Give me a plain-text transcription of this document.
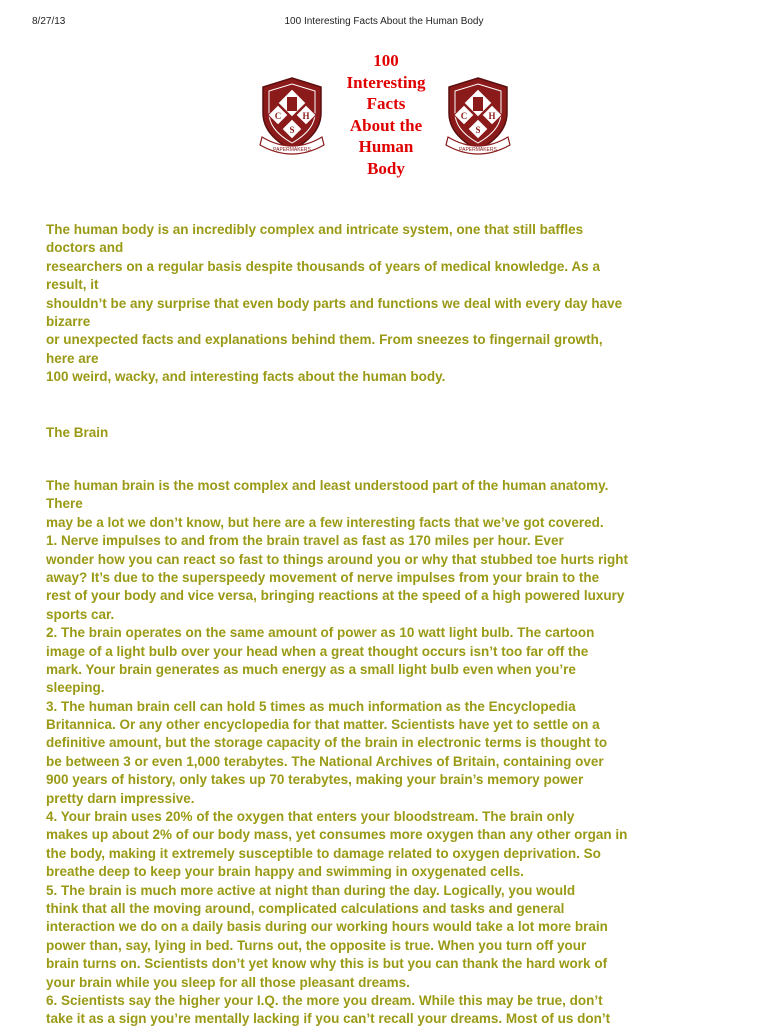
8/27/13	100 Interesting Facts About the Human Body
C H
S
PAPERMAKERS
100
Interesting
Facts
About the
Human
Body
C H
S
PAPERMAKERS
The human body is an incredibly complex and intricate system, one that still baffles
doctors and
researchers on a regular basis despite thousands of years of medical knowledge. As a
result, it
shouldn’t be any surprise that even body parts and functions we deal with every day have
bizarre
or unexpected facts and explanations behind them. From sneezes to fingernail growth,
here are
100 weird, wacky, and interesting facts about the human body.
The Brain
The human brain is the most complex and least understood part of the human anatomy.
There
may be a lot we don’t know, but here are a few interesting facts that we’ve got covered.
1. Nerve impulses to and from the brain travel as fast as 170 miles per hour. Ever
wonder how you can react so fast to things around you or why that stubbed toe hurts right
away? It’s due to the superspeedy movement of nerve impulses from your brain to the
rest of your body and vice versa, bringing reactions at the speed of a high powered luxury
sports car.
2. The brain operates on the same amount of power as 10 watt light bulb. The cartoon
image of a light bulb over your head when a great thought occurs isn’t too far off the
mark. Your brain generates as much energy as a small light bulb even when you’re
sleeping.
3. The human brain cell can hold 5 times as much information as the Encyclopedia
Britannica. Or any other encyclopedia for that matter. Scientists have yet to settle on a
definitive amount, but the storage capacity of the brain in electronic terms is thought to
be between 3 or even 1,000 terabytes. The National Archives of Britain, containing over
900 years of history, only takes up 70 terabytes, making your brain’s memory power
pretty darn impressive.
4. Your brain uses 20% of the oxygen that enters your bloodstream. The brain only
makes up about 2% of our body mass, yet consumes more oxygen than any other organ in
the body, making it extremely susceptible to damage related to oxygen deprivation. So
breathe deep to keep your brain happy and swimming in oxygenated cells.
5. The brain is much more active at night than during the day. Logically, you would
think that all the moving around, complicated calculations and tasks and general
interaction we do on a daily basis during our working hours would take a lot more brain
power than, say, lying in bed. Turns out, the opposite is true. When you turn off your
brain turns on. Scientists don’t yet know why this is but you can thank the hard work of
your brain while you sleep for all those pleasant dreams.
6. Scientists say the higher your I.Q. the more you dream. While this may be true, don’t
take it as a sign you’re mentally lacking if you can’t recall your dreams. Most of us don’t
